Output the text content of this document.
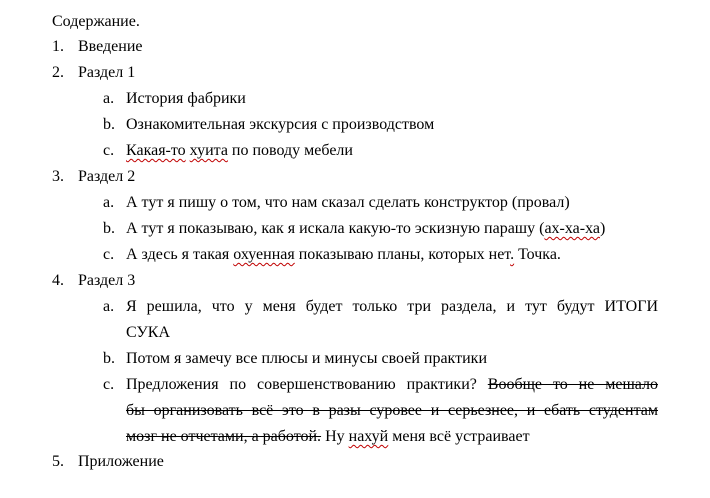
Содержание.
1. Введение
2. Раздел 1
a. История фабрики
b. Ознакомительная экскурсия с производством
c. Какая-то хуита по поводу мебели
3. Раздел 2
a. А тут я пишу о том, что нам сказал сделать конструктор (провал)
b. А тут я показываю, как я искала какую-то эскизную парашу (ах-ха-ха)
c. А здесь я такая охуенная показываю планы, которых нет. Точка.
4. Раздел 3
a. Я решила, что у меня будет только три раздела, и тут будут ИТОГИ
СУКА
b. Потом я замечу все плюсы и минусы своей практики
c. Предложения по совершенствованию практики? Вообще то не мешало
бы организовать всё это в разы суровее и серьезнее, и ебать студентам
мозг не отчетами, а работой. Ну нахуй меня всё устраивает
5. Приложение
